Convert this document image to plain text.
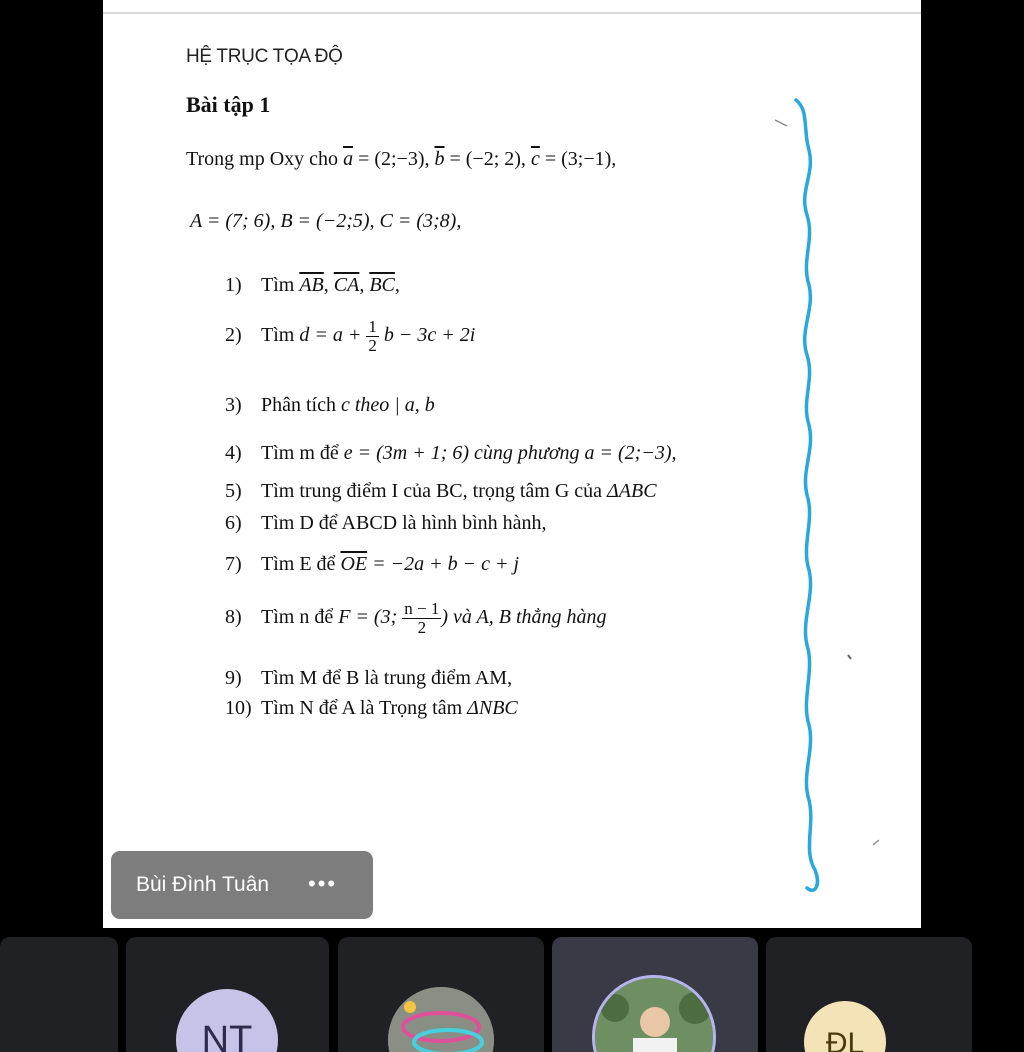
HỆ TRỤC TỌA ĐỘ
Bài tập 1
Trong mp Oxy cho $\overline{a}$ = (2;−3), $\overline{b} = (-2$; 2), $\overline{c}$ = (3;−1),
A = (7; 6), B = (−2;5), C = (3;8),
1) Tìm $\overline{AB}$, $\overline{CA}$, $\overline{BC}$,
2) Tìm $d = a + \frac{1}{2}$ b − 3c + 2i
3) Phân tích c theo | a, b
4) Tìm m để e = (3m + 1; 6) cùng phương a = (2;−3),
5) Tìm trung điểm I của BC, trọng tâm G của ΔABC
6) Tìm D để ABCD là hình bình hành,
7) Tìm E để $\overline{OE} = -2a + b - c + j$
8) Tìm n để F = (3; $\frac{n - 1}{2}$ ) và A, B thẳng hàng
9) Tìm M để B là trung điểm AM,
10) Tìm N để A là Trọng tâm ΔNBC
Bùi Đình Tuân •••
NT	ĐL
